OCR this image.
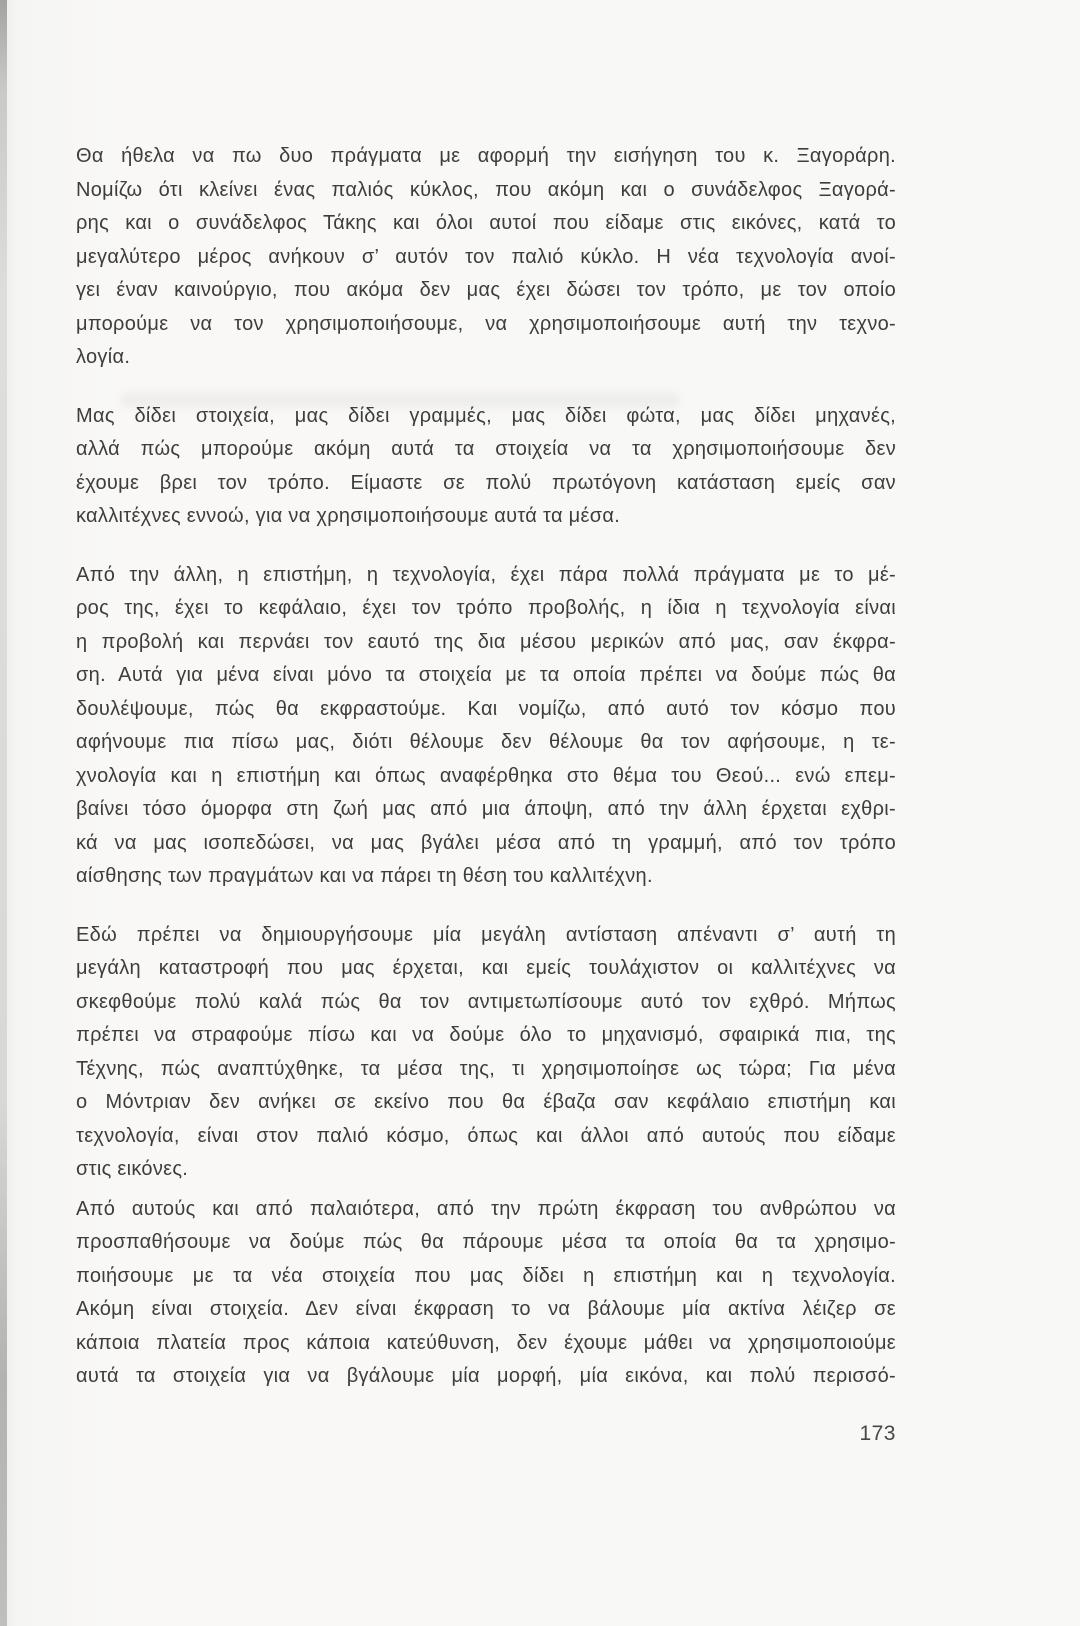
Θα ήθελα να πω δυο πράγματα με αφορμή την εισήγηση του κ. Ξαγοράρη.
Νομίζω ότι κλείνει ένας παλιός κύκλος, που ακόμη και ο συνάδελφος Ξαγορά-
ρης και ο συνάδελφος Τάκης και όλοι αυτοί που είδαμε στις εικόνες, κατά το
μεγαλύτερο μέρος ανήκουν σ’ αυτόν τον παλιό κύκλο. Η νέα τεχνολογία ανοί-
γει έναν καινούργιο, που ακόμα δεν μας έχει δώσει τον τρόπο, με τον οποίο
μπορούμε να τον χρησιμοποιήσουμε, να χρησιμοποιήσουμε αυτή την τεχνο-
λογία.
Μας δίδει στοιχεία, μας δίδει γραμμές, μας δίδει φώτα, μας δίδει μηχανές,
αλλά πώς μπορούμε ακόμη αυτά τα στοιχεία να τα χρησιμοποιήσουμε δεν
έχουμε βρει τον τρόπο. Είμαστε σε πολύ πρωτόγονη κατάσταση εμείς σαν
καλλιτέχνες εννοώ, για να χρησιμοποιήσουμε αυτά τα μέσα.
Από την άλλη, η επιστήμη, η τεχνολογία, έχει πάρα πολλά πράγματα με το μέ-
ρος της, έχει το κεφάλαιο, έχει τον τρόπο προβολής, η ίδια η τεχνολογία είναι
η προβολή και περνάει τον εαυτό της δια μέσου μερικών από μας, σαν έκφρα-
ση. Αυτά για μένα είναι μόνο τα στοιχεία με τα οποία πρέπει να δούμε πώς θα
δουλέψουμε, πώς θα εκφραστούμε. Και νομίζω, από αυτό τον κόσμο που
αφήνουμε πια πίσω μας, διότι θέλουμε δεν θέλουμε θα τον αφήσουμε, η τε-
χνολογία και η επιστήμη και όπως αναφέρθηκα στο θέμα του Θεού... ενώ επεμ-
βαίνει τόσο όμορφα στη ζωή μας από μια άποψη, από την άλλη έρχεται εχθρι-
κά να μας ισοπεδώσει, να μας βγάλει μέσα από τη γραμμή, από τον τρόπο
αίσθησης των πραγμάτων και να πάρει τη θέση του καλλιτέχνη.
Εδώ πρέπει να δημιουργήσουμε μία μεγάλη αντίσταση απέναντι σ’ αυτή τη
μεγάλη καταστροφή που μας έρχεται, και εμείς τουλάχιστον οι καλλιτέχνες να
σκεφθούμε πολύ καλά πώς θα τον αντιμετωπίσουμε αυτό τον εχθρό. Μήπως
πρέπει να στραφούμε πίσω και να δούμε όλο το μηχανισμό, σφαιρικά πια, της
Τέχνης, πώς αναπτύχθηκε, τα μέσα της, τι χρησιμοποίησε ως τώρα; Για μένα
ο Μόντριαν δεν ανήκει σε εκείνο που θα έβαζα σαν κεφάλαιο επιστήμη και
τεχνολογία, είναι στον παλιό κόσμο, όπως και άλλοι από αυτούς που είδαμε
στις εικόνες.
Από αυτούς και από παλαιότερα, από την πρώτη έκφραση του ανθρώπου να
προσπαθήσουμε να δούμε πώς θα πάρουμε μέσα τα οποία θα τα χρησιμο-
ποιήσουμε με τα νέα στοιχεία που μας δίδει η επιστήμη και η τεχνολογία.
Ακόμη είναι στοιχεία. Δεν είναι έκφραση το να βάλουμε μία ακτίνα λέιζερ σε
κάποια πλατεία προς κάποια κατεύθυνση, δεν έχουμε μάθει να χρησιμοποιούμε
αυτά τα στοιχεία για να βγάλουμε μία μορφή, μία εικόνα, και πολύ περισσό-
173
